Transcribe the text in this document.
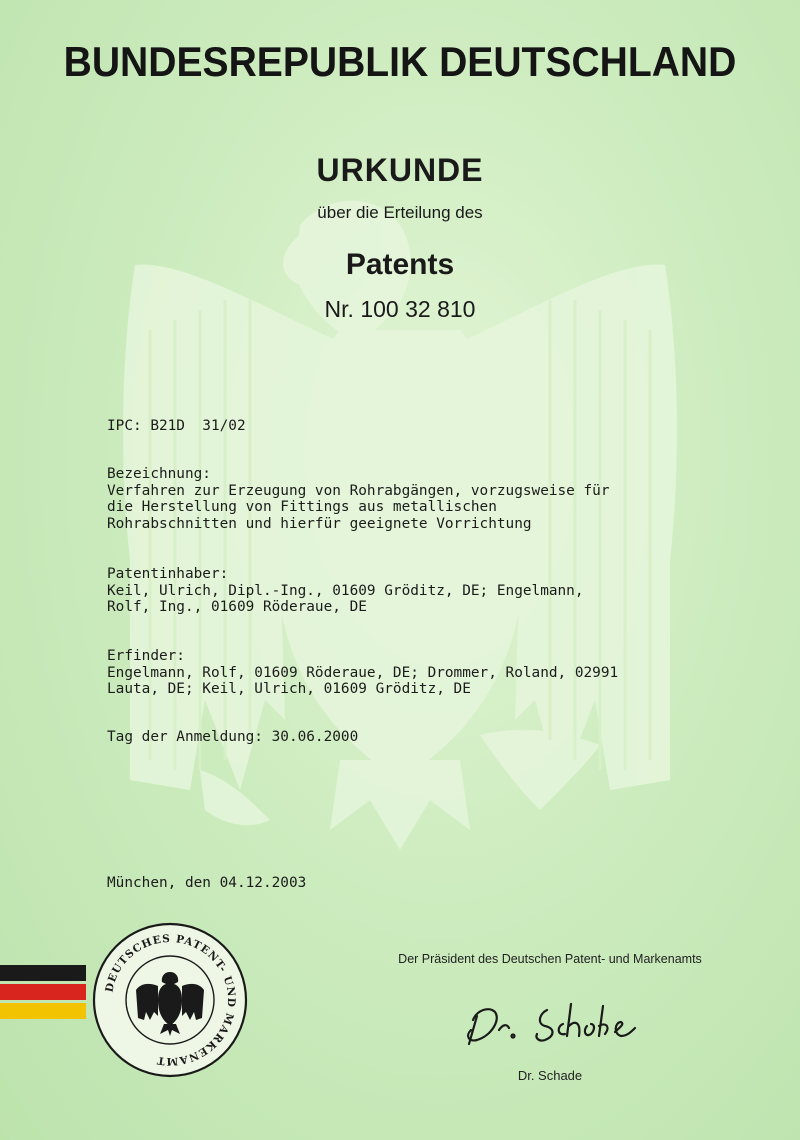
BUNDESREPUBLIK DEUTSCHLAND
URKUNDE
über die Erteilung des
Patents
Nr. 100 32 810
IPC: B21D  31/02
Bezeichnung:
Verfahren zur Erzeugung von Rohrabgängen, vorzugsweise für
die Herstellung von Fittings aus metallischen
Rohrabschnitten und hierfür geeignete Vorrichtung
Patentinhaber:
Keil, Ulrich, Dipl.-Ing., 01609 Gröditz, DE; Engelmann,
Rolf, Ing., 01609 Röderaue, DE
Erfinder:
Engelmann, Rolf, 01609 Röderaue, DE; Drommer, Roland, 02991
Lauta, DE; Keil, Ulrich, 01609 Gröditz, DE
Tag der Anmeldung: 30.06.2000
München, den 04.12.2003
DEUTSCHES PATENT- UND MARKENAMT
Der Präsident des Deutschen Patent- und Markenamts
Dr. Schade
